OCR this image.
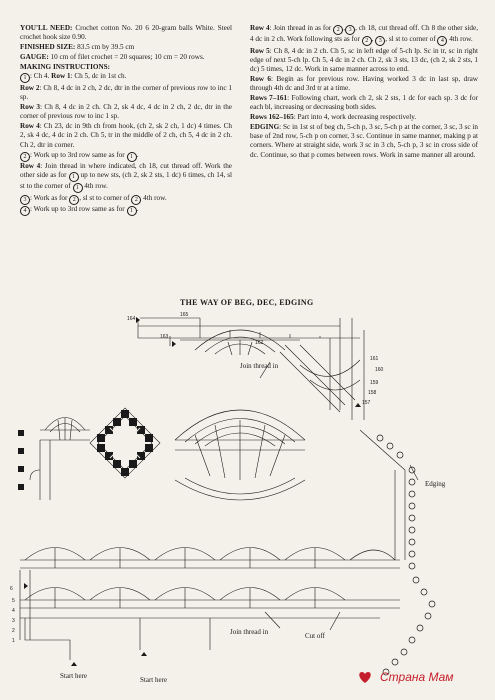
YOU'LL NEED: Crochet cotton No. 20 6 20-gram balls White. Steel crochet hook size 0.90.

FINISHED SIZE: 83.5 cm by 39.5 cm

GAUGE: 10 cm of filet crochet = 20 squares; 10 cm = 20 rows.

MAKING INSTRUCTIONS:

1 : Ch 4. Row 1: Ch 5, dc in 1st ch.

Row 2: Ch 8, 4 dc in 2 ch, 2 dc, dtr in the corner of previous row to inc 1 sp.

Row 3: Ch 8, 4 dc in 2 ch. Ch 2, sk 4 dc, 4 dc in 2 ch, 2 dc, dtr in the corner of previous row to inc 1 sp.

Row 4: Ch 23, dc in 9th ch from hook, (ch 2, sk 2 ch, 1 dc) 4 times. Ch 2, sk 4 dc, 4 dc in 2 ch. Ch 5, tr in the middle of 2 ch, ch 5, 4 dc in 2 ch. Ch 2, dtr in corner.

2 : Work up to 3rd row same as for 1 .

Row 4: Join thread in where indicated, ch 18, cut thread off. Work the other side as for 1 up to new sts, (ch 2, sk 2 sts, 1 dc) 6 times, ch 14, sl st to the corner of 1 4th row.

3 : Work as for 2 , sl st to corner of 2 4th row.

4 : Work up to 3rd row same as for 1 .

Row 4: Join thread in as for 2 , 3 , ch 18, cut thread off. Ch 8 the other side, 4 dc in 2 ch. Work following sts as for 2 , 3 , sl st to corner of 4 4th row.

Row 5: Ch 8, 4 dc in 2 ch. Ch 5, sc in left edge of 5-ch lp. Sc in tr, sc in right edge of next 5-ch lp. Ch 5, 4 dc in 2 ch. Ch 2, sk 3 sts, 13 dc, (ch 2, sk 2 sts, 1 dc) 5 times, 12 dc. Work in same manner across to end.

Row 6: Begin as for previous row. Having worked 3 dc in last sp, draw through 4th dc and 3rd tr at a time.

Rows 7–161: Following chart, work ch 2, sk 2 sts, 1 dc for each sp. 3 dc for each bl, increasing or decreasing both sides.

Rows 162–165: Part into 4, work decreasing respectively.

EDGING: Sc in 1st st of beg ch, 5-ch p, 3 sc, 5-ch p at the corner, 3 sc, 3 sc in base of 2nd row, 5-ch p on corner, 3 sc. Continue in same manner, making p at corners. Where at straight side, work 3 sc in 3 ch, 5-ch p, 3 sc in cross side of dc. Continue, so that p comes between rows. Work in same manner all around.

THE WAY OF BEG, DEC, EDGING
164
165
163
162
161
160
159
158
157
6
5
4
3
2
1
Join thread in
Edging
Join thread in	Cut off
Start here	Start here	Страна Мам
